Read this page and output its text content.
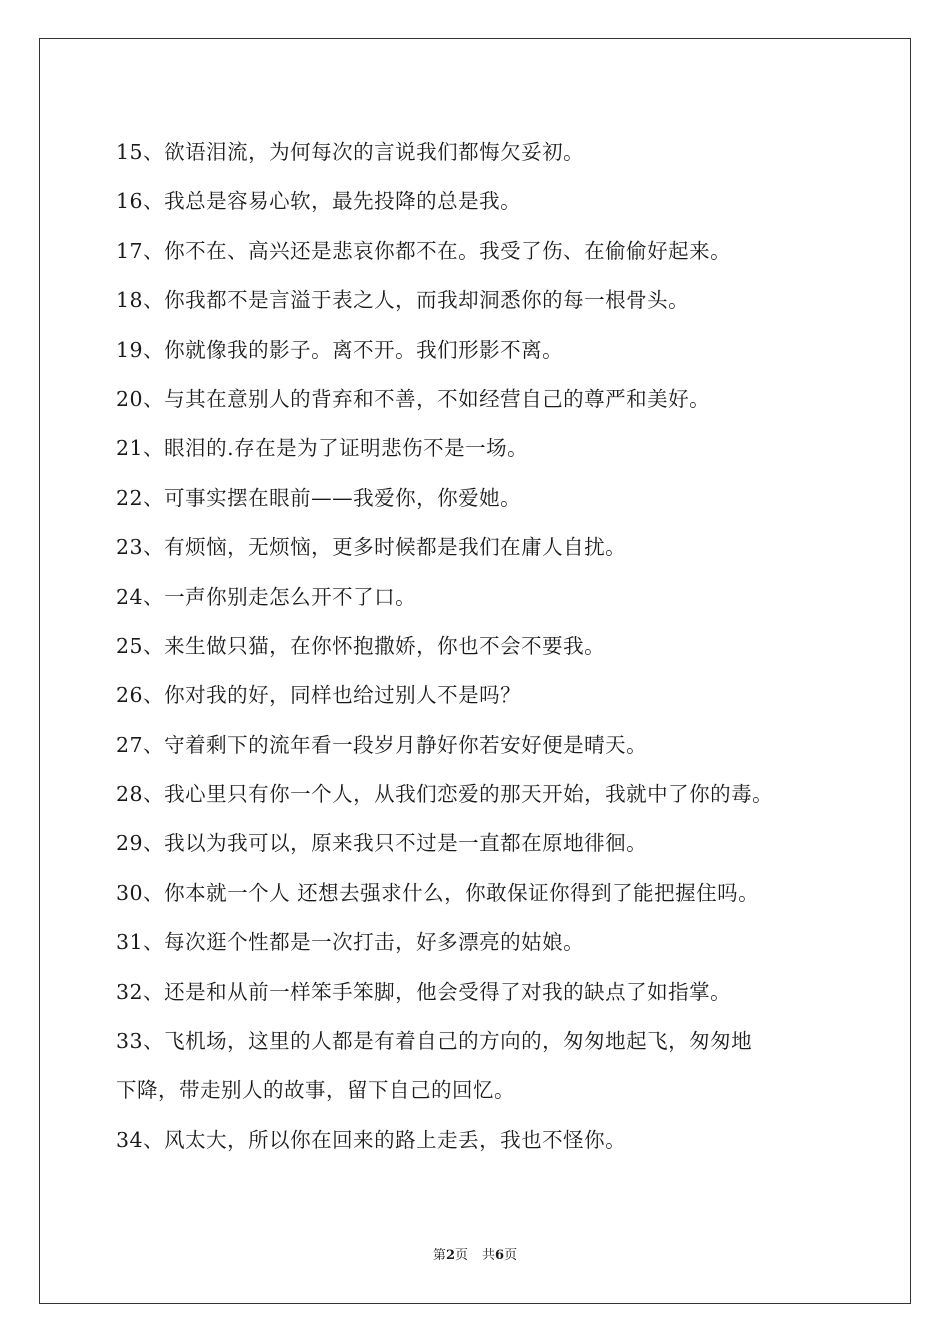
15、欲语泪流，为何每次的言说我们都悔欠妥初。
16、我总是容易心软，最先投降的总是我。
17、你不在、高兴还是悲哀你都不在。我受了伤、在偷偷好起来。
18、你我都不是言溢于表之人，而我却洞悉你的每一根骨头。
19、你就像我的影子。离不开。我们形影不离。
20、与其在意别人的背弃和不善，不如经营自己的尊严和美好。
21、眼泪的.存在是为了证明悲伤不是一场。
22、可事实摆在眼前——我爱你，你爱她。
23、有烦恼，无烦恼，更多时候都是我们在庸人自扰。
24、一声你别走怎么开不了口。
25、来生做只猫，在你怀抱撒娇，你也不会不要我。
26、你对我的好，同样也给过别人不是吗？
27、守着剩下的流年看一段岁月静好你若安好便是晴天。
28、我心里只有你一个人，从我们恋爱的那天开始，我就中了你的毒。
29、我以为我可以，原来我只不过是一直都在原地徘徊。
30、你本就一个人 还想去强求什么，你敢保证你得到了能把握住吗。
31、每次逛个性都是一次打击，好多漂亮的姑娘。
32、还是和从前一样笨手笨脚，他会受得了对我的缺点了如指掌。
33、飞机场，这里的人都是有着自己的方向的，匆匆地起飞，匆匆地
下降，带走别人的故事，留下自己的回忆。
34、风太大，所以你在回来的路上走丢，我也不怪你。
第2页 共6页
